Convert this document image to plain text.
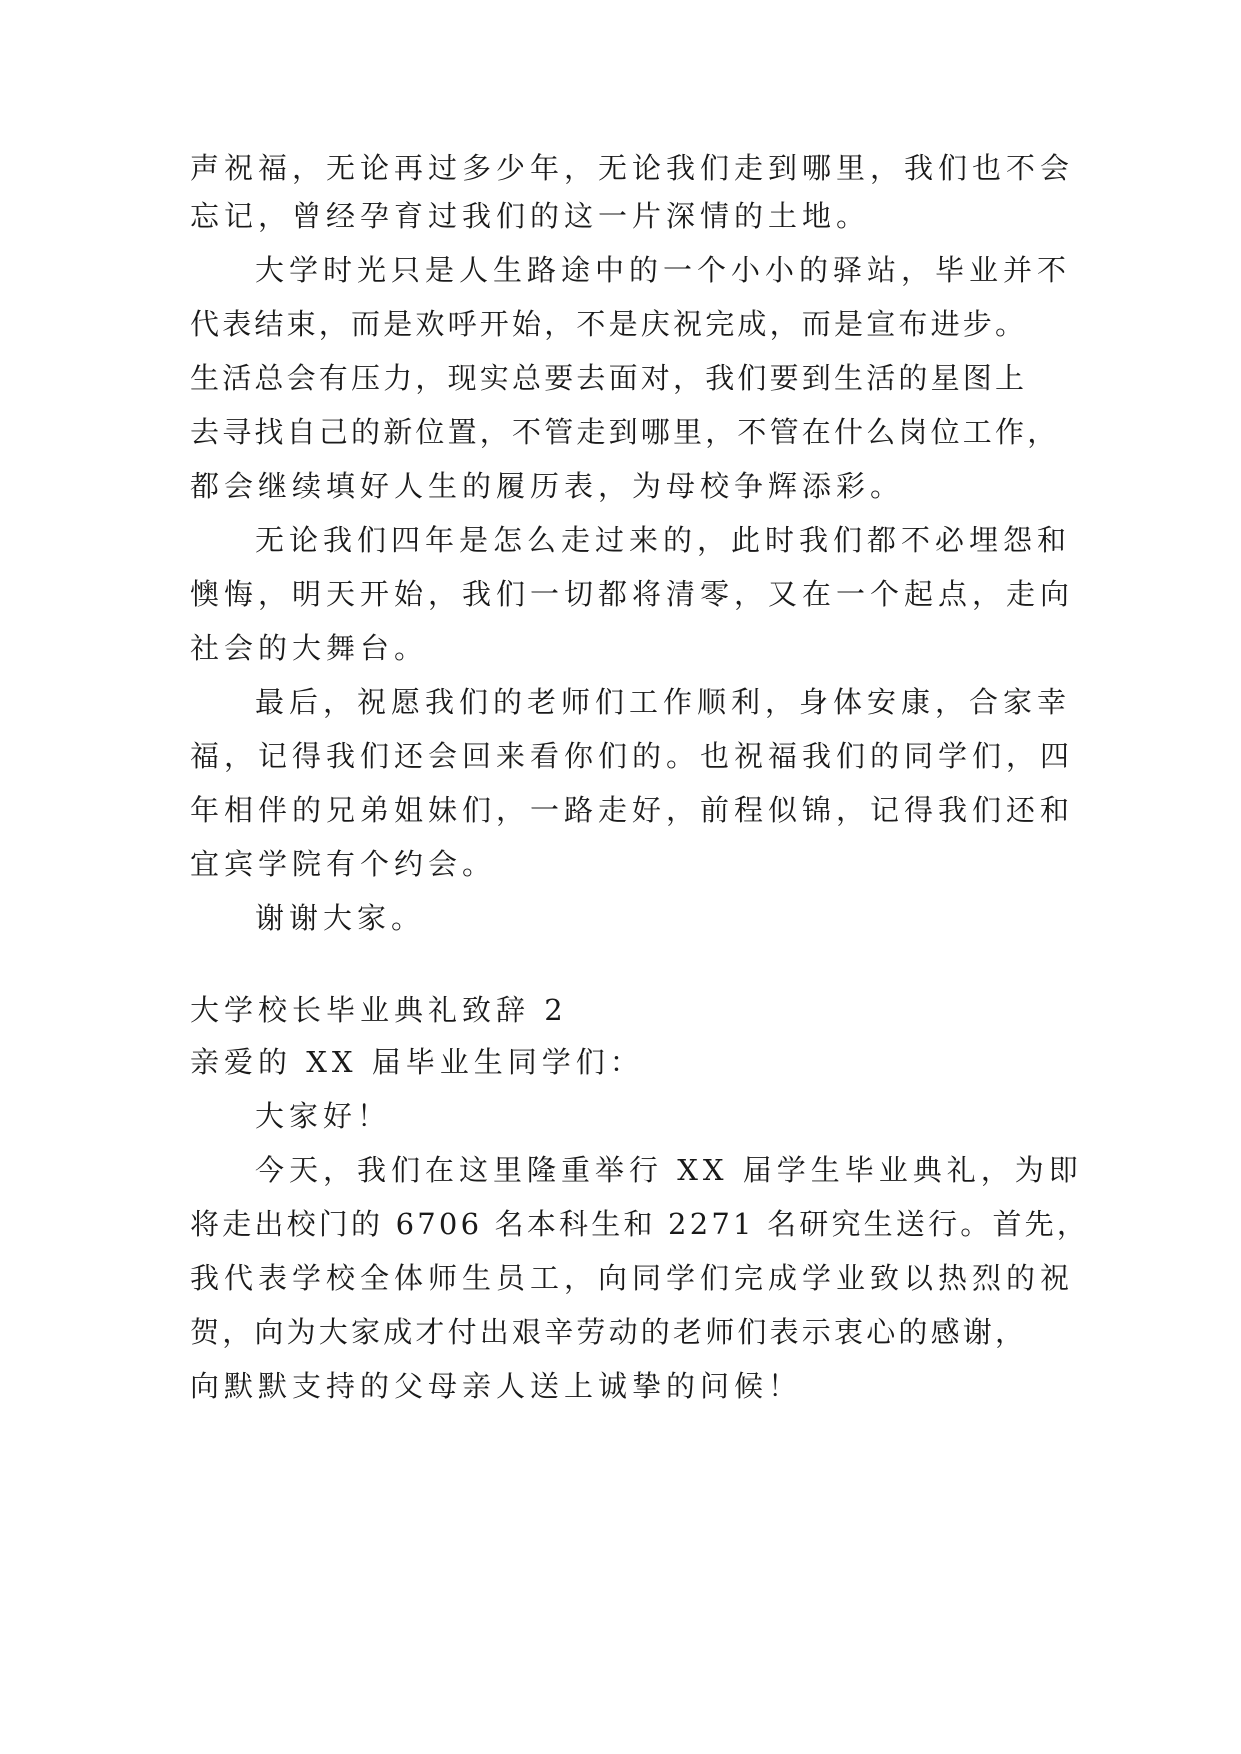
声祝福，无论再过多少年，无论我们走到哪里，我们也不会
忘记，曾经孕育过我们的这一片深情的土地。
大学时光只是人生路途中的一个小小的驿站，毕业并不
代表结束，而是欢呼开始，不是庆祝完成，而是宣布进步。
生活总会有压力，现实总要去面对，我们要到生活的星图上
去寻找自己的新位置，不管走到哪里，不管在什么岗位工作，
都会继续填好人生的履历表，为母校争辉添彩。
无论我们四年是怎么走过来的，此时我们都不必埋怨和
懊悔，明天开始，我们一切都将清零，又在一个起点，走向
社会的大舞台。
最后，祝愿我们的老师们工作顺利，身体安康，合家幸
福，记得我们还会回来看你们的。也祝福我们的同学们，四
年相伴的兄弟姐妹们，一路走好，前程似锦，记得我们还和
宜宾学院有个约会。
谢谢大家。
大学校长毕业典礼致辞 2
亲爱的 XX 届毕业生同学们：
大家好！
今天，我们在这里隆重举行 XX 届学生毕业典礼，为即
将走出校门的 6706 名本科生和 2271 名研究生送行。首先，
我代表学校全体师生员工，向同学们完成学业致以热烈的祝
贺，向为大家成才付出艰辛劳动的老师们表示衷心的感谢，
向默默支持的父母亲人送上诚挚的问候！
